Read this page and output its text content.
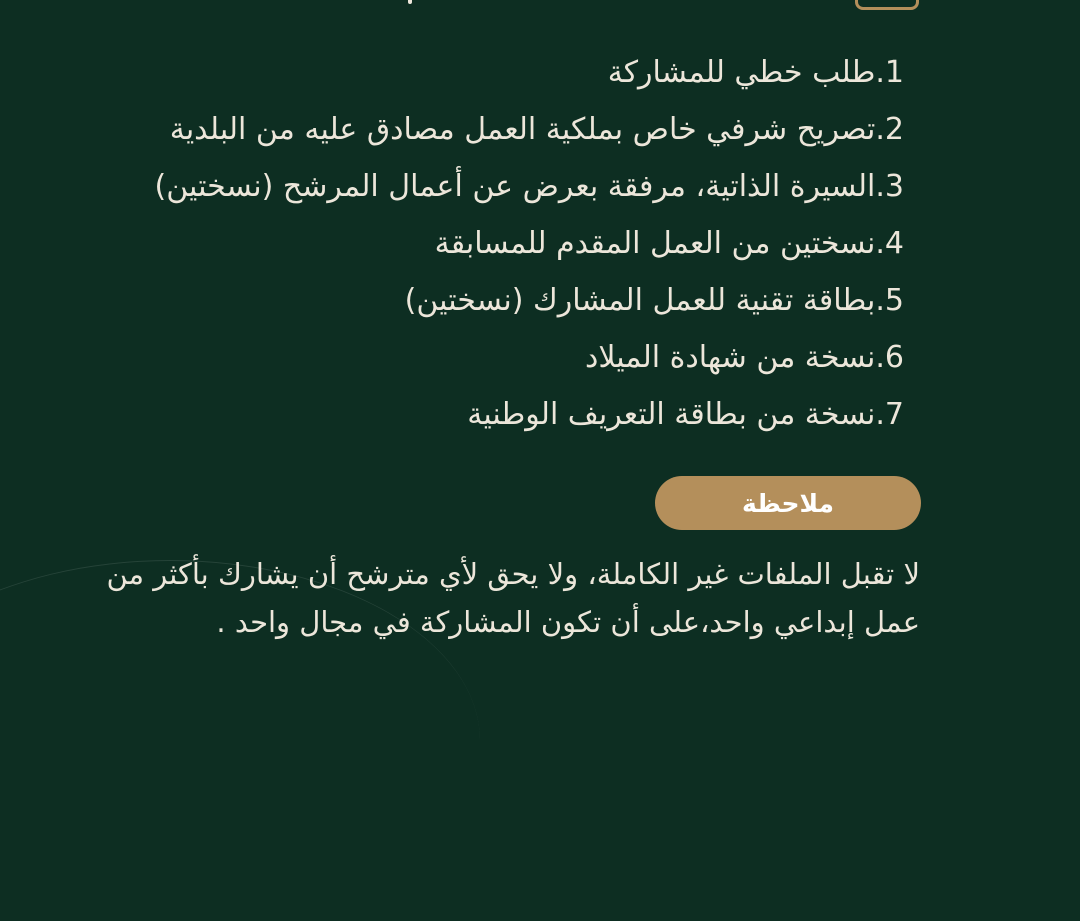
1.طلب خطي للمشاركة
2.تصريح شرفي خاص بملكية العمل مصادق عليه من البلدية
3.السيرة الذاتية، مرفقة بعرض عن أعمال المرشح (نسختين)
4.نسختين من العمل المقدم للمسابقة
5.بطاقة تقنية للعمل المشارك (نسختين)
6.نسخة من شهادة الميلاد
7.نسخة من بطاقة التعريف الوطنية
ملاحظة

لا تقبل الملفات غير الكاملة، ولا يحق لأي مترشح أن يشارك بأكثر من عمل إبداعي واحد،على أن تكون المشاركة في مجال واحد .
